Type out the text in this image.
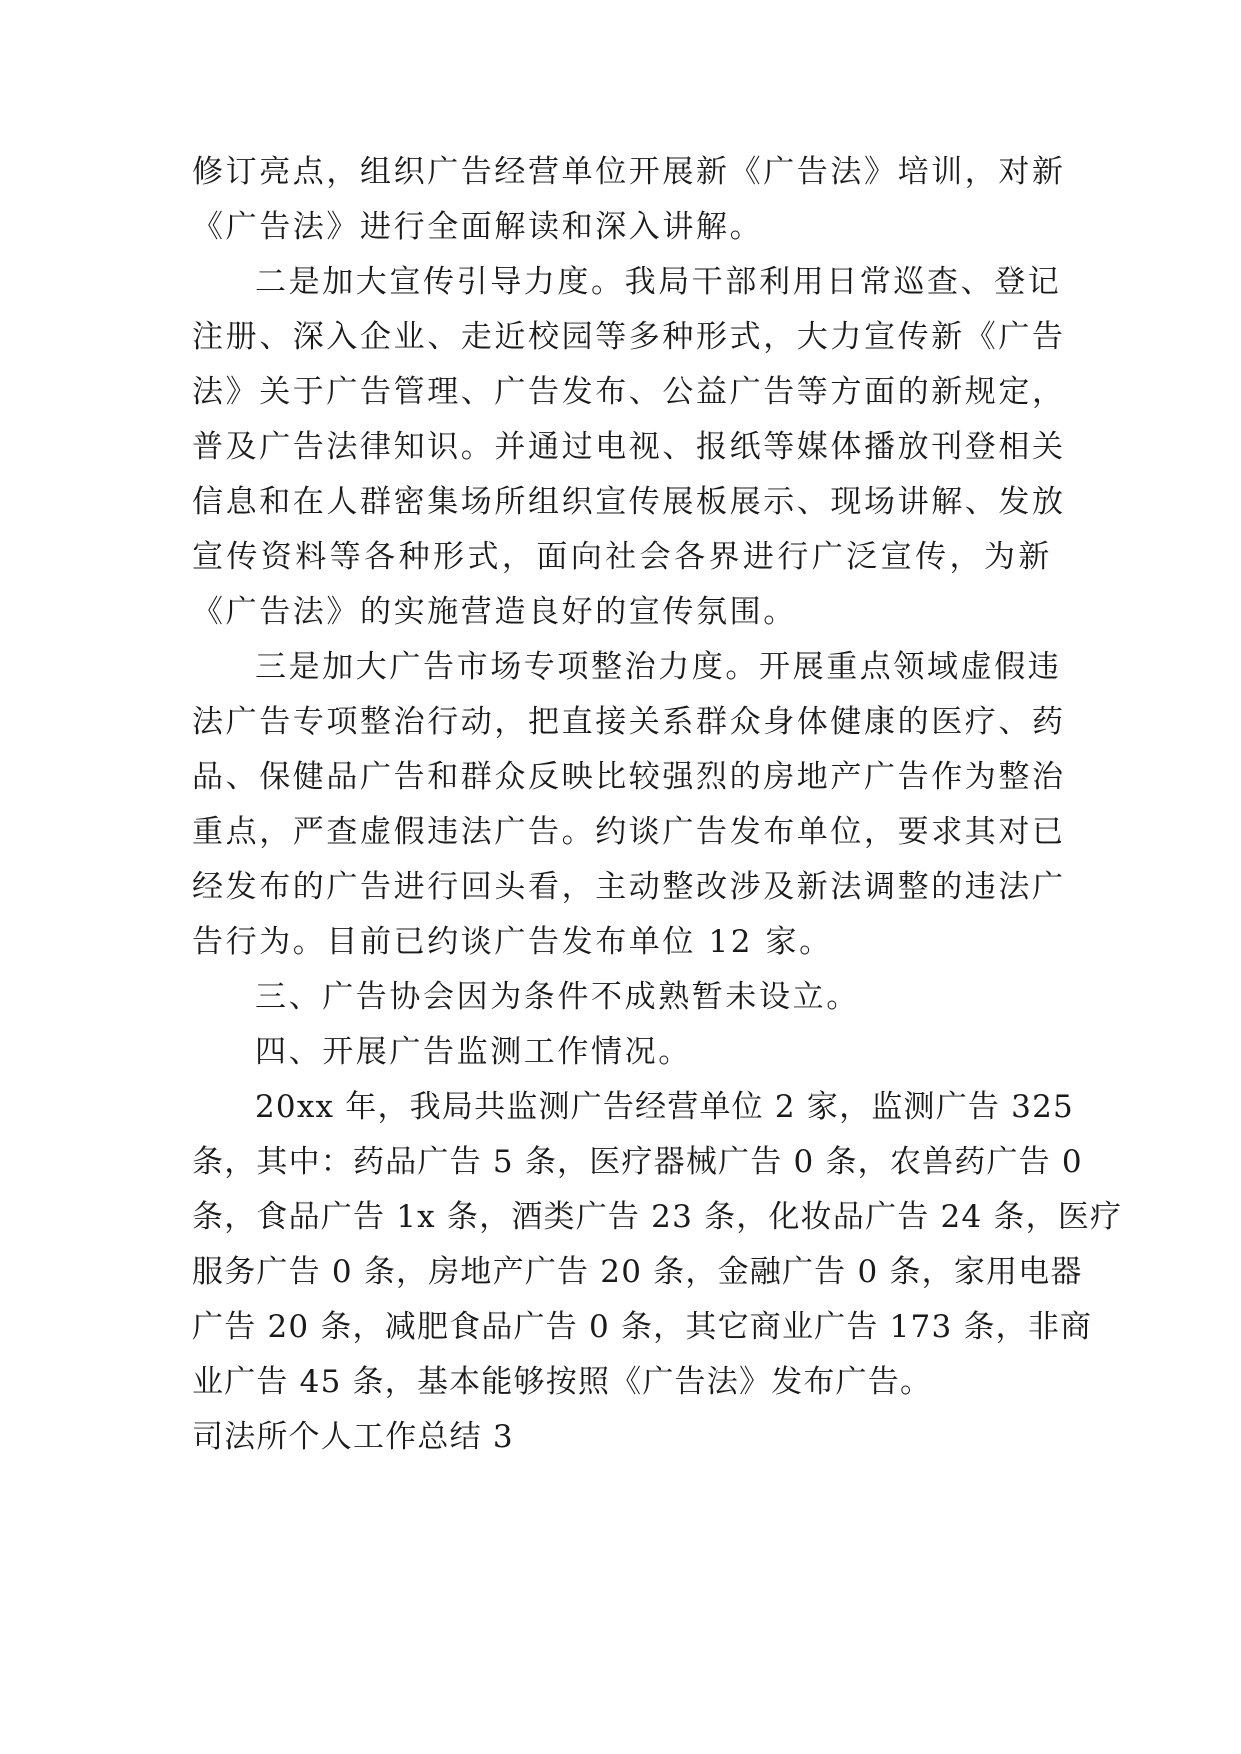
修订亮点，组织广告经营单位开展新《广告法》培训，对新
《广告法》进行全面解读和深入讲解。
二是加大宣传引导力度。我局干部利用日常巡查、登记
注册、深入企业、走近校园等多种形式，大力宣传新《广告
法》关于广告管理、广告发布、公益广告等方面的新规定，
普及广告法律知识。并通过电视、报纸等媒体播放刊登相关
信息和在人群密集场所组织宣传展板展示、现场讲解、发放
宣传资料等各种形式，面向社会各界进行广泛宣传，为新
《广告法》的实施营造良好的宣传氛围。
三是加大广告市场专项整治力度。开展重点领域虚假违
法广告专项整治行动，把直接关系群众身体健康的医疗、药
品、保健品广告和群众反映比较强烈的房地产广告作为整治
重点，严查虚假违法广告。约谈广告发布单位，要求其对已
经发布的广告进行回头看，主动整改涉及新法调整的违法广
告行为。目前已约谈广告发布单位 12 家。
三、广告协会因为条件不成熟暂未设立。
四、开展广告监测工作情况。
20xx 年，我局共监测广告经营单位 2 家，监测广告 325
条，其中：药品广告 5 条，医疗器械广告 0 条，农兽药广告 0
条，食品广告 1x 条，酒类广告 23 条，化妆品广告 24 条，医疗
服务广告 0 条，房地产广告 20 条，金融广告 0 条，家用电器
广告 20 条，减肥食品广告 0 条，其它商业广告 173 条，非商
业广告 45 条，基本能够按照《广告法》发布广告。
司法所个人工作总结 3
